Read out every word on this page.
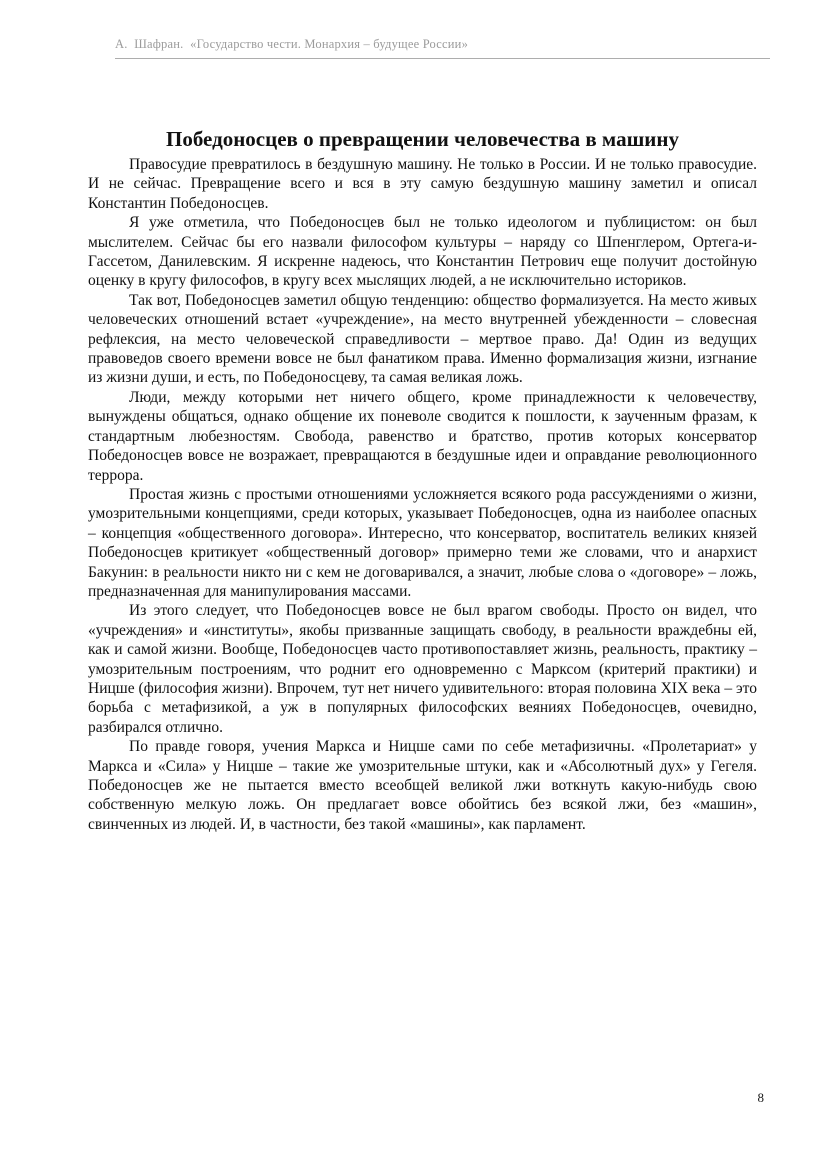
А.  Шафран.  «Государство чести. Монархия – будущее России»
Победоносцев о превращении человечества в машину

Правосудие превратилось в бездушную машину. Не только в России. И не только правосудие. И не сейчас. Превращение всего и вся в эту самую бездушную машину заметил и описал Константин Победоносцев.

Я уже отметила, что Победоносцев был не только идеологом и публицистом: он был мыслителем. Сейчас бы его назвали философом культуры – наряду со Шпенглером, Ортега-и-Гассетом, Данилевским. Я искренне надеюсь, что Константин Петрович еще получит достойную оценку в кругу философов, в кругу всех мыслящих людей, а не исключительно историков.

Так вот, Победоносцев заметил общую тенденцию: общество формализуется. На место живых человеческих отношений встает «учреждение», на место внутренней убежденности – словесная рефлексия, на место человеческой справедливости – мертвое право. Да! Один из ведущих правоведов своего времени вовсе не был фанатиком права. Именно формализация жизни, изгнание из жизни души, и есть, по Победоносцеву, та самая великая ложь.

Люди, между которыми нет ничего общего, кроме принадлежности к человечеству, вынуждены общаться, однако общение их поневоле сводится к пошлости, к заученным фразам, к стандартным любезностям. Свобода, равенство и братство, против которых консерватор Победоносцев вовсе не возражает, превращаются в бездушные идеи и оправдание революционного террора.

Простая жизнь с простыми отношениями усложняется всякого рода рассуждениями о жизни, умозрительными концепциями, среди которых, указывает Победоносцев, одна из наиболее опасных – концепция «общественного договора». Интересно, что консерватор, воспитатель великих князей Победоносцев критикует «общественный договор» примерно теми же словами, что и анархист Бакунин: в реальности никто ни с кем не договаривался, а значит, любые слова о «договоре» – ложь, предназначенная для манипулирования массами.

Из этого следует, что Победоносцев вовсе не был врагом свободы. Просто он видел, что «учреждения» и «институты», якобы призванные защищать свободу, в реальности враждебны ей, как и самой жизни. Вообще, Победоносцев часто противопоставляет жизнь, реальность, практику – умозрительным построениям, что роднит его одновременно с Марксом (критерий практики) и Ницше (философия жизни). Впрочем, тут нет ничего удивительного: вторая половина XIX века – это борьба с метафизикой, а уж в популярных философских веяниях Победоносцев, очевидно, разбирался отлично.

По правде говоря, учения Маркса и Ницше сами по себе метафизичны. «Пролетариат» у Маркса и «Сила» у Ницше – такие же умозрительные штуки, как и «Абсолютный дух» у Гегеля. Победоносцев же не пытается вместо всеобщей великой лжи воткнуть какую-нибудь свою собственную мелкую ложь. Он предлагает вовсе обойтись без всякой лжи, без «машин», свинченных из людей. И, в частности, без такой «машины», как парламент.

8
